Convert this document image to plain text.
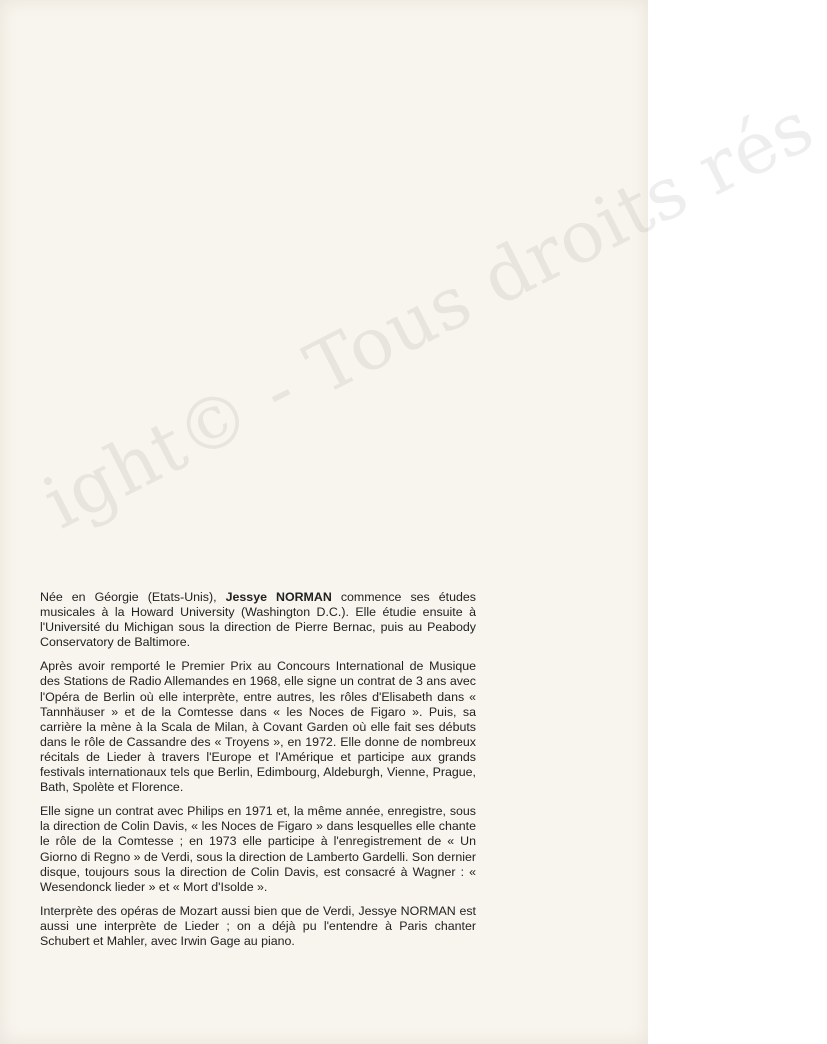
ight© - Tous droits rés

Née en Géorgie (Etats-Unis), Jessye NORMAN commence ses études musicales à la Howard University (Washington D.C.). Elle étudie ensuite à l'Université du Michigan sous la direction de Pierre Bernac, puis au Peabody Conservatory de Baltimore.

Après avoir remporté le Premier Prix au Concours International de Musique des Stations de Radio Allemandes en 1968, elle signe un contrat de 3 ans avec l'Opéra de Berlin où elle interprète, entre autres, les rôles d'Elisabeth dans « Tannhäuser » et de la Comtesse dans « les Noces de Figaro ». Puis, sa carrière la mène à la Scala de Milan, à Covant Garden où elle fait ses débuts dans le rôle de Cassandre des « Troyens », en 1972. Elle donne de nombreux récitals de Lieder à travers l'Europe et l'Amérique et participe aux grands festivals internationaux tels que Berlin, Edimbourg, Aldeburgh, Vienne, Prague, Bath, Spolète et Florence.

Elle signe un contrat avec Philips en 1971 et, la même année, enregistre, sous la direction de Colin Davis, « les Noces de Figaro » dans lesquelles elle chante le rôle de la Comtesse ; en 1973 elle participe à l'enregistrement de « Un Giorno di Regno » de Verdi, sous la direction de Lamberto Gardelli. Son dernier disque, toujours sous la direction de Colin Davis, est consacré à Wagner : « Wesendonck lieder » et « Mort d'Isolde ».

Interprète des opéras de Mozart aussi bien que de Verdi, Jessye NORMAN est aussi une interprète de Lieder ; on a déjà pu l'entendre à Paris chanter Schubert et Mahler, avec Irwin Gage au piano.
